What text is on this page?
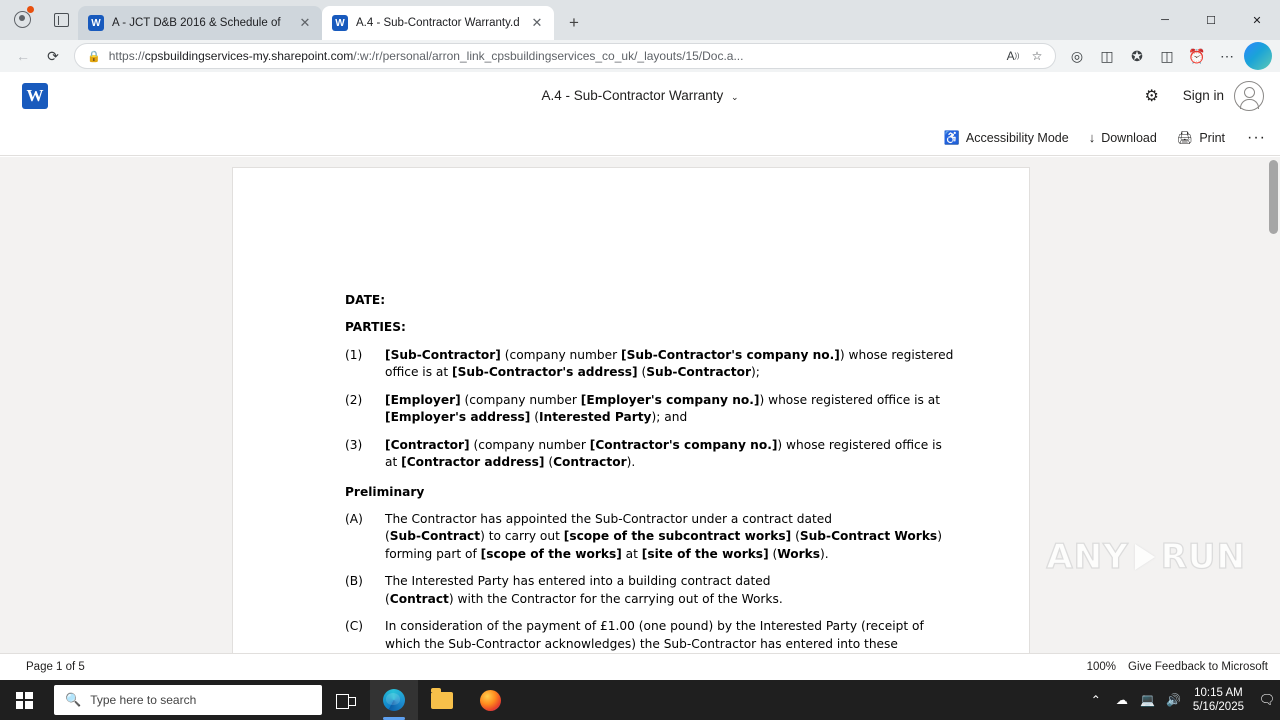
W A - JCT D&B 2016 & Schedule of	✕	W A.4 - Sub-Contractor Warranty.d ✕	+	─	☐	✕
←	⟳	🔒 https://cpsbuildingservices-my.sharepoint.com/:w:/r/personal/arron_link_cpsbuildingservices_co_uk/_layouts/15/Doc.a...	A ))	☆	◎	◫	✪	◫	⏰	⋯
W	A.4 - Sub-Contractor Warranty ⌄	⚙	Sign in
♿ Accessibility Mode ↓ Download 🖨 Print ···
DATE:
PARTIES:
(1)	[Sub-Contractor] (company number [Sub-Contractor's company no.]) whose registered office is at [Sub-Contractor's address] (Sub-Contractor);
(2)	[Employer] (company number [Employer's company no.]) whose registered office is at [Employer's address] (Interested Party); and
(3)	[Contractor] (company number [Contractor's company no.]) whose registered office is at [Contractor address] (Contractor).
Preliminary
(A)	The Contractor has appointed the Sub-Contractor under a contract dated
(Sub-Contract) to carry out [scope of the subcontract works] (Sub-Contract Works) forming part of [scope of the works] at [site of the works] (Works).
(B)	The Interested Party has entered into a building contract dated (Contract) with the Contractor for the carrying out of the Works.
(C)	In consideration of the payment of £1.00 (one pound) by the Interested Party (receipt of which the Sub-Contractor acknowledges) the Sub-Contractor has entered into these
ANY RUN
Page 1 of 5	100% Give Feedback to Microsoft
🔍 Type here to search	⌃	☁	💻 🔊
10:15 AM
5/16/2025	🗨
